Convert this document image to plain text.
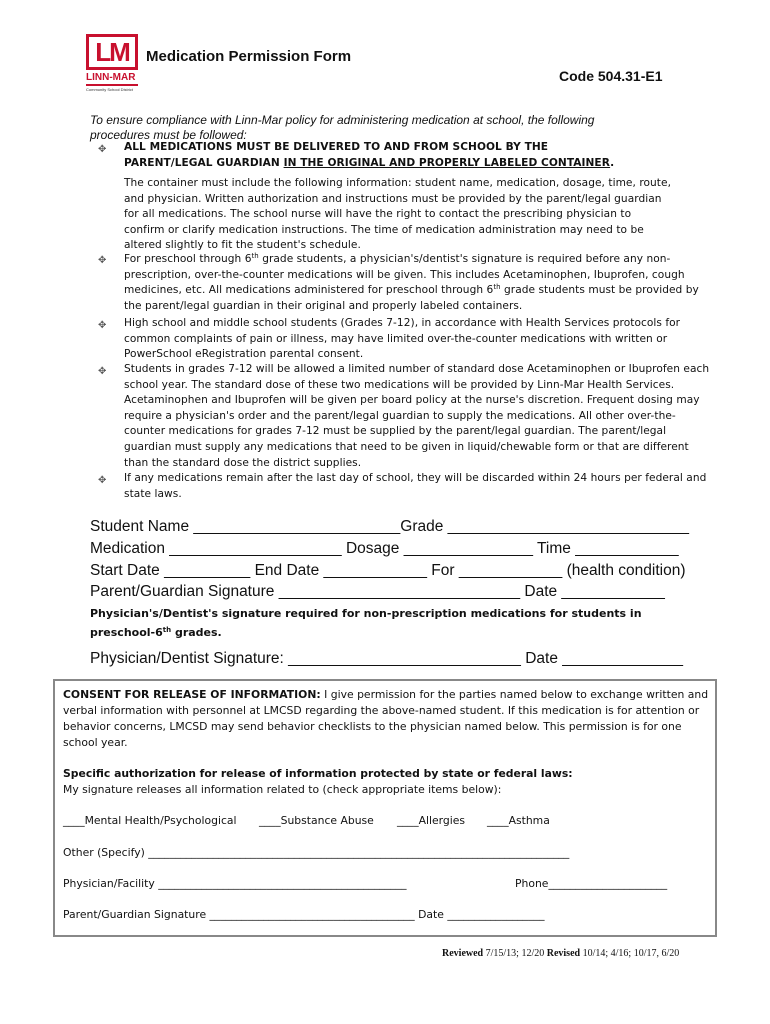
LM
LINN-MAR
Community School District
Medication Permission Form
Code 504.31-E1
To ensure compliance with Linn-Mar policy for administering medication at school, the following procedures must be followed:
✥ ALL MEDICATIONS MUST BE DELIVERED TO AND FROM SCHOOL BY THE
PARENT/LEGAL GUARDIAN IN THE ORIGINAL AND PROPERLY LABELED CONTAINER.
The container must include the following information: student name, medication, dosage, time, route, and physician. Written authorization and instructions must be provided by the parent/legal guardian for all medications. The school nurse will have the right to contact the prescribing physician to confirm or clarify medication instructions. The time of medication administration may need to be altered slightly to fit the student's schedule.
✥ For preschool through 6th grade students, a physician's/dentist's signature is required before any non-prescription, over-the-counter medications will be given. This includes Acetaminophen, Ibuprofen, cough medicines, etc. All medications administered for preschool through 6th grade students must be provided by the parent/legal guardian in their original and properly labeled containers.
✥ High school and middle school students (Grades 7-12), in accordance with Health Services protocols for common complaints of pain or illness, may have limited over-the-counter medications with written or PowerSchool eRegistration parental consent.
✥ Students in grades 7-12 will be allowed a limited number of standard dose Acetaminophen or Ibuprofen each school year. The standard dose of these two medications will be provided by Linn-Mar Health Services. Acetaminophen and Ibuprofen will be given per board policy at the nurse's discretion. Frequent dosing may require a physician's order and the parent/legal guardian to supply the medications. All other over-the-counter medications for grades 7-12 must be supplied by the parent/legal guardian. The parent/legal guardian must supply any medications that need to be given in liquid/chewable form or that are different than the standard dose the district supplies.
✥ If any medications remain after the last day of school, they will be discarded within 24 hours per federal and state laws.
Student Name ________________________Grade ____________________________
Medication ____________________ Dosage _______________ Time ____________
Start Date __________ End Date ____________ For ____________ (health condition)
Parent/Guardian Signature ____________________________ Date ____________
Physician's/Dentist's signature required for non-prescription medications for students in preschool-6th grades.
Physician/Dentist Signature: ___________________________ Date ______________
CONSENT FOR RELEASE OF INFORMATION: I give permission for the parties named below to exchange written and verbal information with personnel at LMCSD regarding the above-named student. If this medication is for attention or behavior concerns, LMCSD may send behavior checklists to the physician named below. This permission is for one school year.
Specific authorization for release of information protected by state or federal laws:
My signature releases all information related to (check appropriate items below):
____Mental Health/Psychological ____Substance Abuse ____Allergies ____Asthma
Other (Specify) ______________________________________________________________________________
Physician/Facility ______________________________________________	Phone______________________
Parent/Guardian Signature ______________________________________ Date __________________
Reviewed 7/15/13; 12/20 Revised 10/14; 4/16; 10/17, 6/20
